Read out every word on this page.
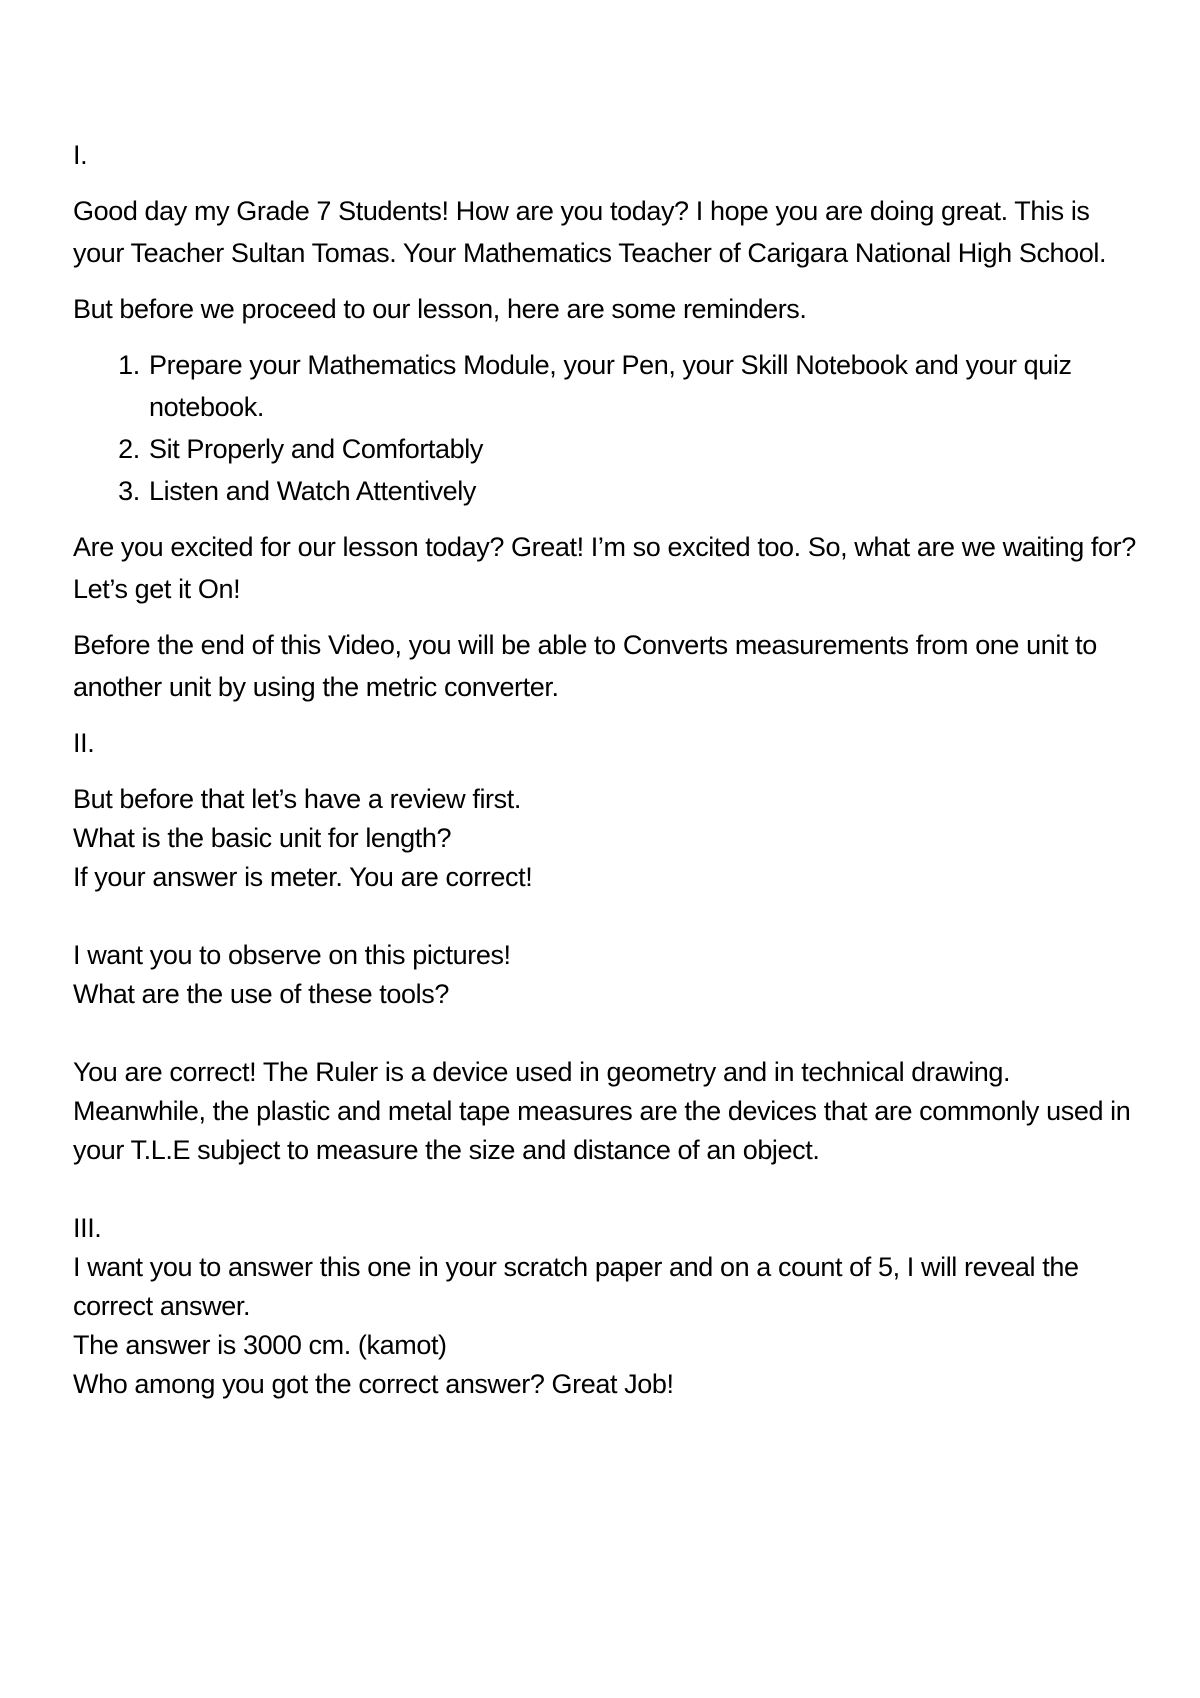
I.

Good day my Grade 7 Students! How are you today? I hope you are doing great. This is your Teacher Sultan Tomas. Your Mathematics Teacher of Carigara National High School.

But before we proceed to our lesson, here are some reminders.

1. Prepare your Mathematics Module, your Pen, your Skill Notebook and your quiz notebook.
2. Sit Properly and Comfortably
3. Listen and Watch Attentively

Are you excited for our lesson today? Great! I’m so excited too. So, what are we waiting for? Let’s get it On!

Before the end of this Video, you will be able to Converts measurements from one unit to another unit by using the metric converter.

II.

But before that let’s have a review first.

What is the basic unit for length?

If your answer is meter. You are correct!

I want you to observe on this pictures!

What are the use of these tools?

You are correct! The Ruler is a device used in geometry and in technical drawing. Meanwhile, the plastic and metal tape measures are the devices that are commonly used in your T.L.E subject to measure the size and distance of an object.

III.

I want you to answer this one in your scratch paper and on a count of 5, I will reveal the correct answer.

The answer is 3000 cm. (kamot)

Who among you got the correct answer? Great Job!
